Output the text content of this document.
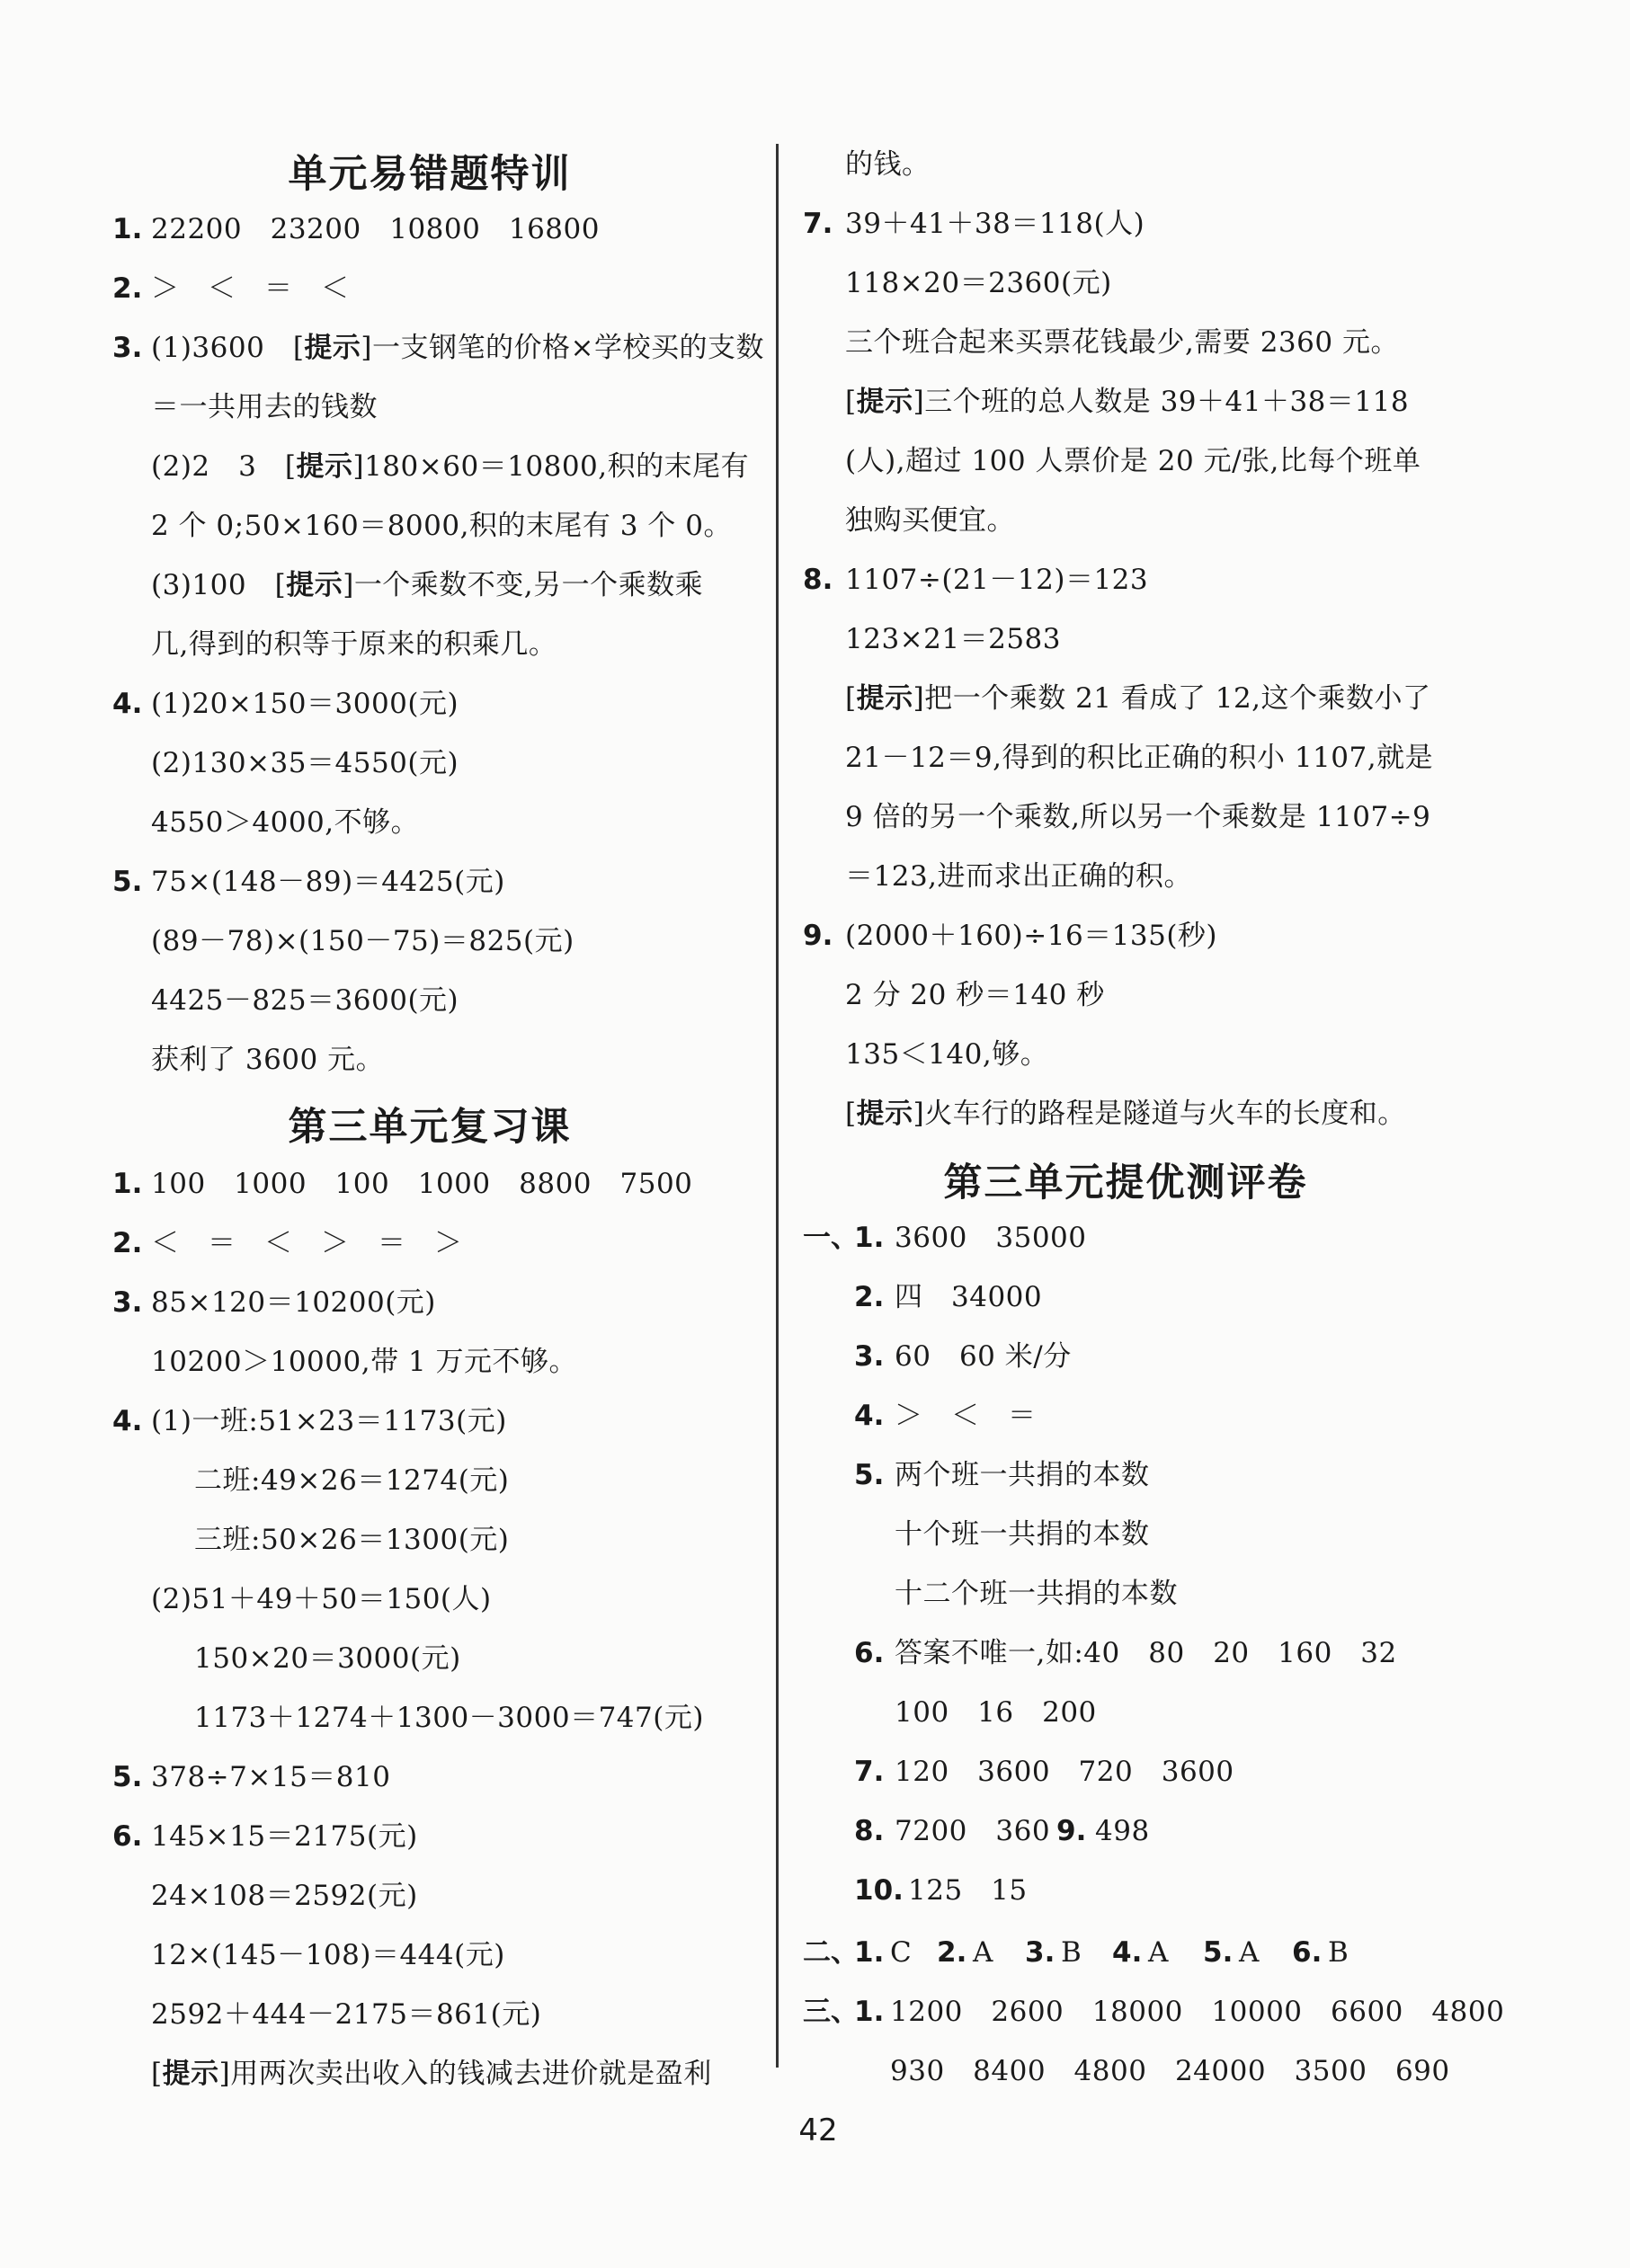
单元易错题特训
1. 22200　23200　10800　16800
2. ＞　＜　＝　＜
3. (1)3600　[提示]一支钢笔的价格×学校买的支数
＝一共用去的钱数
(2)2　3　[提示]180×60＝10800,积的末尾有
2 个 0;50×160＝8000,积的末尾有 3 个 0。
(3)100　[提示]一个乘数不变,另一个乘数乘
几,得到的积等于原来的积乘几。
4. (1)20×150＝3000(元)
(2)130×35＝4550(元)
4550＞4000,不够。
5. 75×(148－89)＝4425(元)
(89－78)×(150－75)＝825(元)
4425－825＝3600(元)
获利了 3600 元。
第三单元复习课
1. 100　1000　100　1000　8800　7500
2. ＜　＝　＜　＞　＝　＞
3. 85×120＝10200(元)
10200＞10000,带 1 万元不够。
4. (1)一班:51×23＝1173(元)
二班:49×26＝1274(元)
三班:50×26＝1300(元)
(2)51＋49＋50＝150(人)
150×20＝3000(元)
1173＋1274＋1300－3000＝747(元)
5. 378÷7×15＝810
6. 145×15＝2175(元)
24×108＝2592(元)
12×(145－108)＝444(元)
2592＋444－2175＝861(元)
[提示]用两次卖出收入的钱减去进价就是盈利
的钱。
7. 39＋41＋38＝118(人)
118×20＝2360(元)
三个班合起来买票花钱最少,需要 2360 元。
[提示]三个班的总人数是 39＋41＋38＝118
(人),超过 100 人票价是 20 元/张,比每个班单
独购买便宜。
8. 1107÷(21－12)＝123
123×21＝2583
[提示]把一个乘数 21 看成了 12,这个乘数小了
21－12＝9,得到的积比正确的积小 1107,就是
9 倍的另一个乘数,所以另一个乘数是 1107÷9
＝123,进而求出正确的积。
9. (2000＋160)÷16＝135(秒)
2 分 20 秒＝140 秒
135＜140,够。
[提示]火车行的路程是隧道与火车的长度和。
第三单元提优测评卷
一、
1. 3600　35000
2. 四　34000
3. 60　60 米/分
4. ＞　＜　＝
5. 两个班一共捐的本数
十个班一共捐的本数
十二个班一共捐的本数
6. 答案不唯一,如:40　80　20　160　32
100　16　200
7. 120　3600　720　3600
8. 7200　360 9. 498
10. 125　15
二、
1. C 2. A 3. B 4. A 5. A 6. B
三、
1. 1200　2600　18000　10000　6600　4800
930　8400　4800　24000　3500　690
42
